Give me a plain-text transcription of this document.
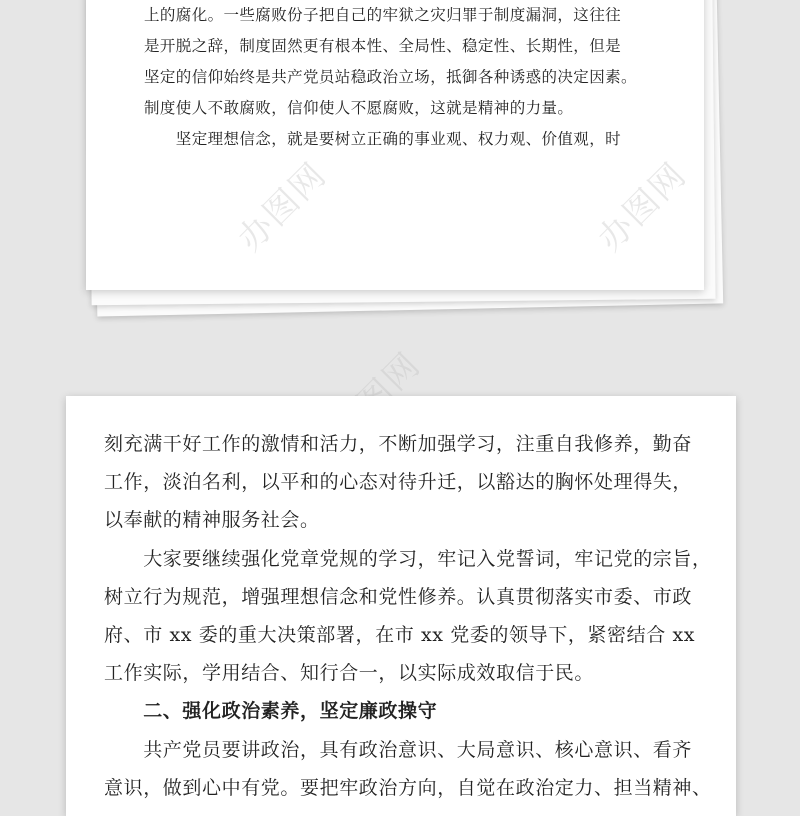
上的腐化。一些腐败份子把自己的牢狱之灾归罪于制度漏洞，这往往
是开脱之辞，制度固然更有根本性、全局性、稳定性、长期性，但是
坚定的信仰始终是共产党员站稳政治立场，抵御各种诱惑的决定因素。
制度使人不敢腐败，信仰使人不愿腐败，这就是精神的力量。
　　坚定理想信念，就是要树立正确的事业观、权力观、价值观，时
办图网	办图网
刻充满干好工作的激情和活力，不断加强学习，注重自我修养，勤奋
工作，淡泊名利，以平和的心态对待升迁，以豁达的胸怀处理得失，
以奉献的精神服务社会。
　　大家要继续强化党章党规的学习，牢记入党誓词，牢记党的宗旨，
树立行为规范，增强理想信念和党性修养。认真贯彻落实市委、市政
府、市 xx 委的重大决策部署，在市 xx 党委的领导下，紧密结合 xx
工作实际，学用结合、知行合一，以实际成效取信于民。
　　二、强化政治素养，坚定廉政操守
　　共产党员要讲政治，具有政治意识、大局意识、核心意识、看齐
意识，做到心中有党。要把牢政治方向，自觉在政治定力、担当精神、
